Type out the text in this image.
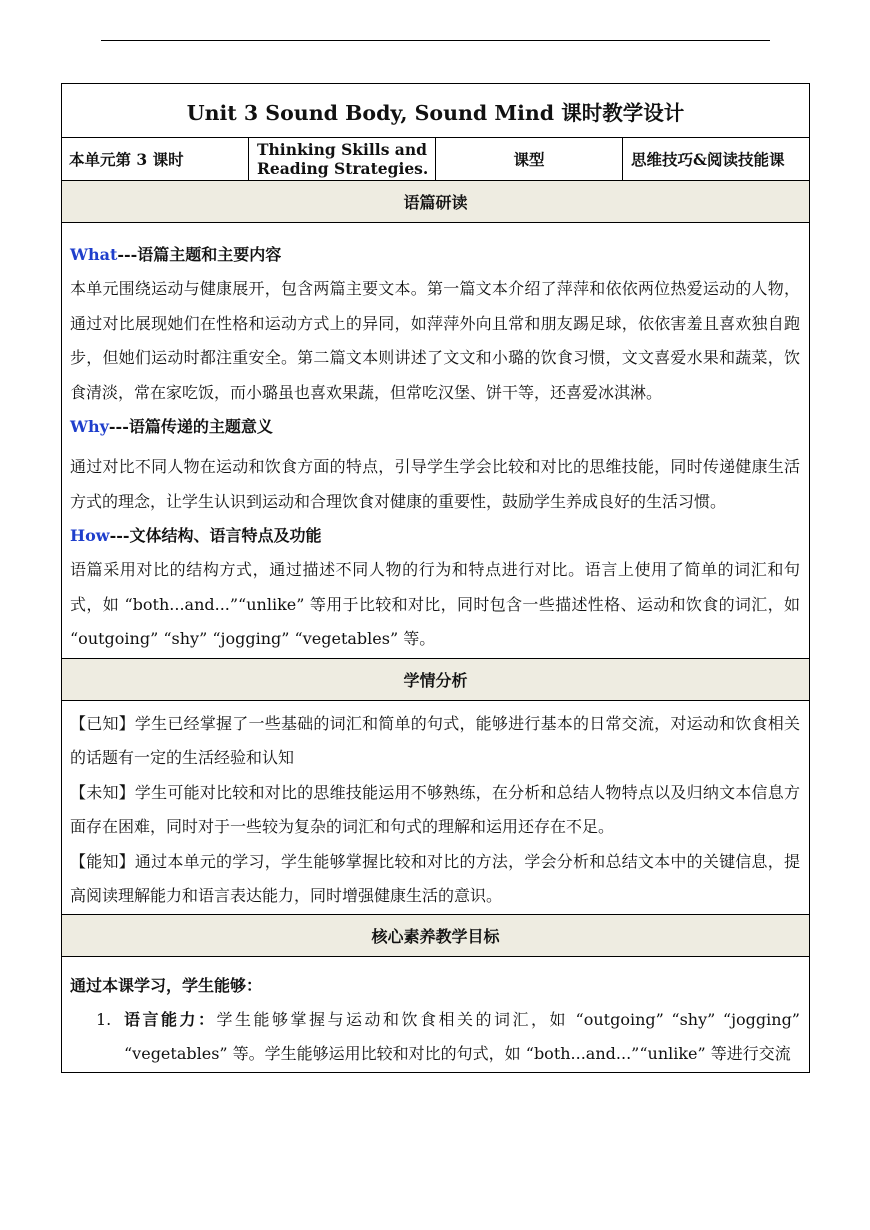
Unit 3 Sound Body, Sound Mind 课时教学设计
本单元第 3 课时	Thinking Skills and Reading Strategies.	课型	思维技巧&阅读技能课
语篇研读

What---语篇主题和主要内容

本单元围绕运动与健康展开，包含两篇主要文本。第一篇文本介绍了萍萍和依依两位热爱运动的人物，通过对比展现她们在性格和运动方式上的异同，如萍萍外向且常和朋友踢足球，依依害羞且喜欢独自跑步，但她们运动时都注重安全。第二篇文本则讲述了文文和小璐的饮食习惯，文文喜爱水果和蔬菜，饮食清淡，常在家吃饭，而小璐虽也喜欢果蔬，但常吃汉堡、饼干等，还喜爱冰淇淋。

Why---语篇传递的主题意义

通过对比不同人物在运动和饮食方面的特点，引导学生学会比较和对比的思维技能，同时传递健康生活方式的理念，让学生认识到运动和合理饮食对健康的重要性，鼓励学生养成良好的生活习惯。

How---文体结构、语言特点及功能

语篇采用对比的结构方式，通过描述不同人物的行为和特点进行对比。语言上使用了简单的词汇和句式，如 “both...and...”“unlike” 等用于比较和对比，同时包含一些描述性格、运动和饮食的词汇，如 “outgoing” “shy” “jogging” “vegetables” 等。

学情分析

【已知】学生已经掌握了一些基础的词汇和简单的句式，能够进行基本的日常交流，对运动和饮食相关的话题有一定的生活经验和认知

【未知】学生可能对比较和对比的思维技能运用不够熟练，在分析和总结人物特点以及归纳文本信息方面存在困难，同时对于一些较为复杂的词汇和句式的理解和运用还存在不足。

【能知】通过本单元的学习，学生能够掌握比较和对比的方法，学会分析和总结文本中的关键信息，提高阅读理解能力和语言表达能力，同时增强健康生活的意识。

核心素养教学目标

通过本课学习，学生能够：

1. 语言能力：学生能够掌握与运动和饮食相关的词汇，如 “outgoing” “shy” “jogging” “vegetables” 等。学生能够运用比较和对比的句式，如 “both...and...”“unlike” 等进行交流
